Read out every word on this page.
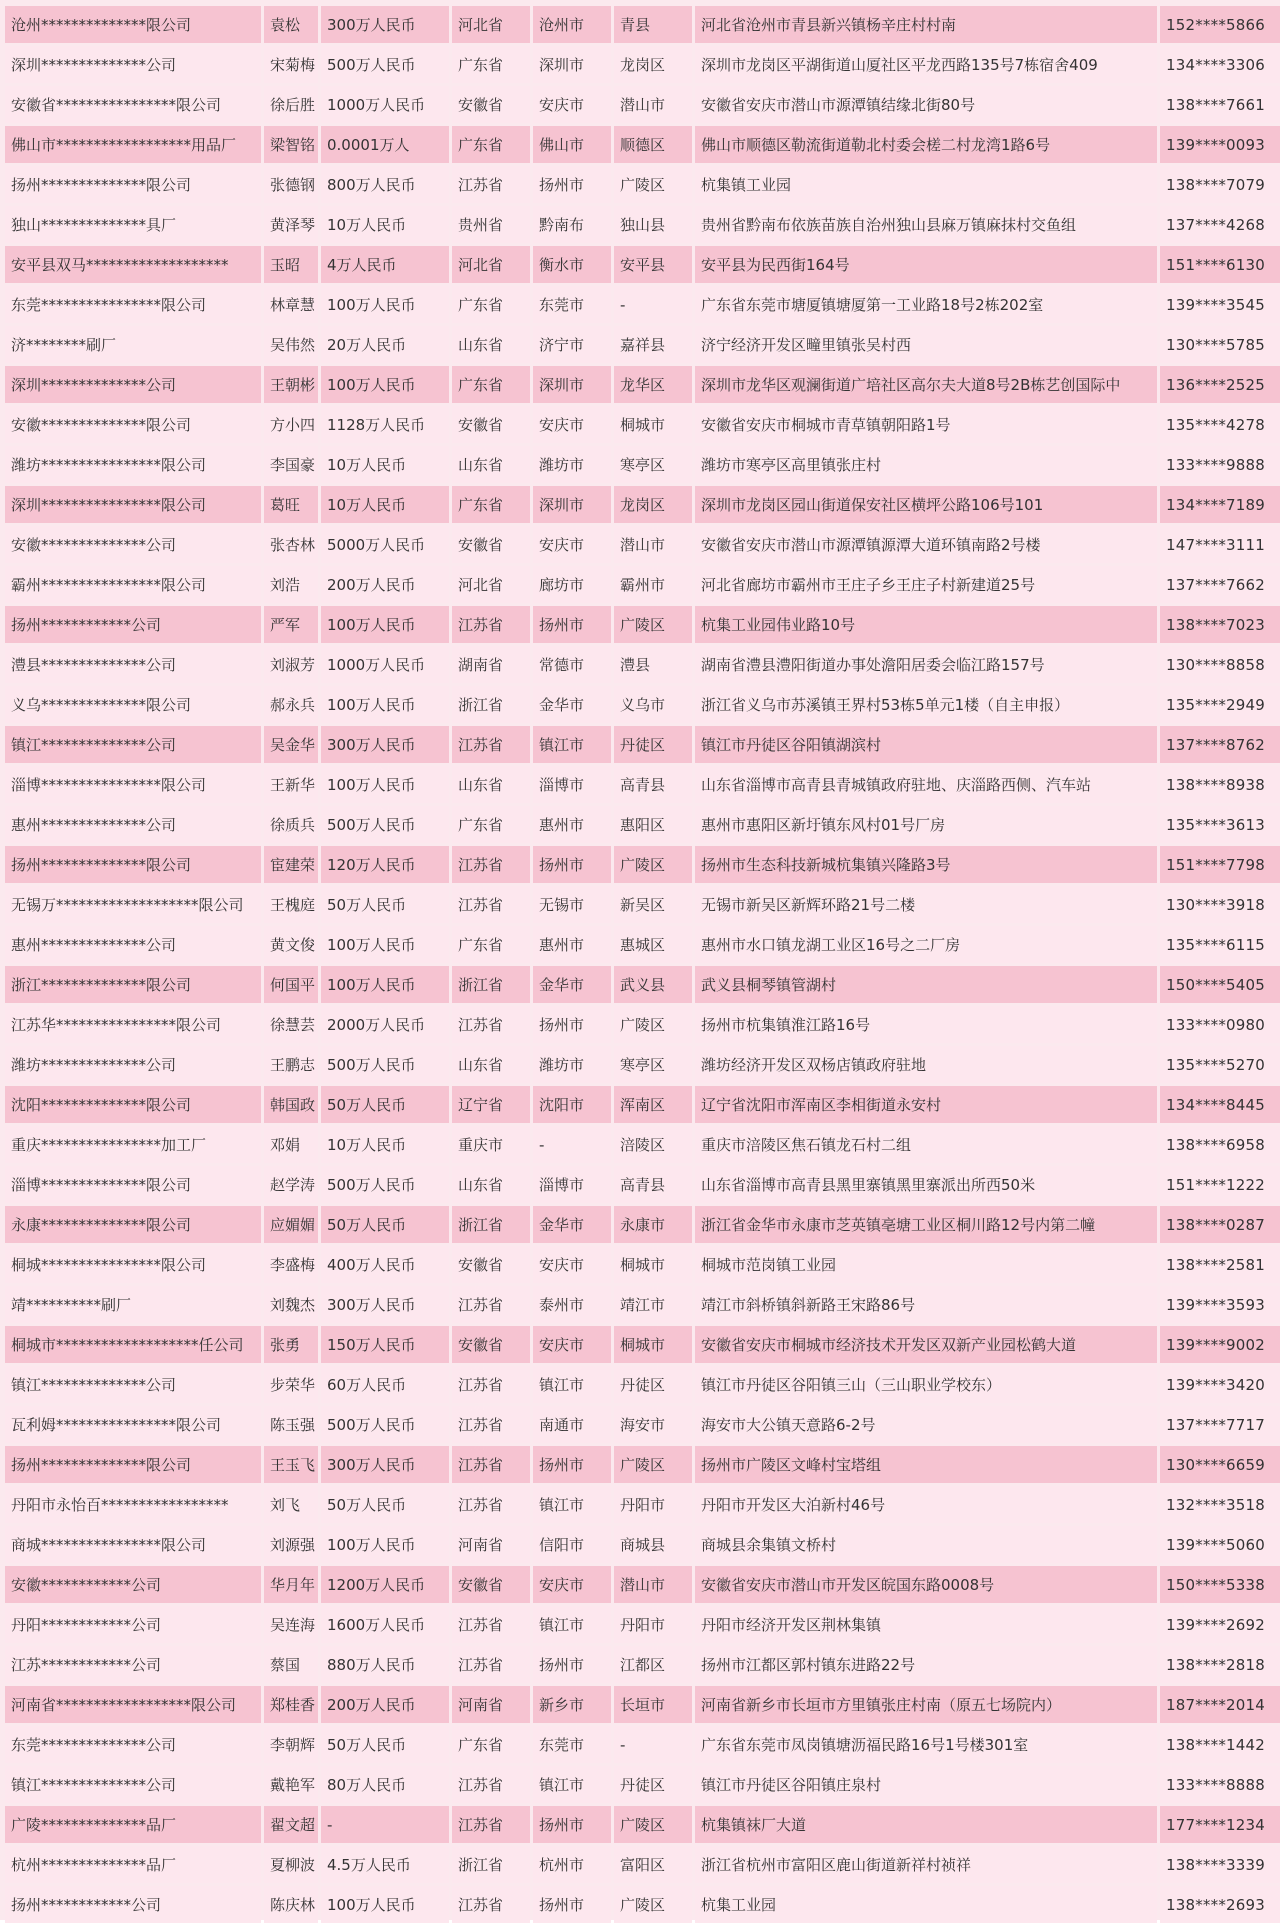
沧州**************限公司	袁松	300万人民币	河北省	沧州市	青县	河北省沧州市青县新兴镇杨辛庄村村南	152****5866
深圳**************公司	宋菊梅	500万人民币	广东省	深圳市	龙岗区	深圳市龙岗区平湖街道山厦社区平龙西路135号7栋宿舍409	134****3306
安徽省****************限公司	徐后胜	1000万人民币	安徽省	安庆市	潜山市	安徽省安庆市潜山市源潭镇结缘北街80号	138****7661
佛山市******************用品厂	梁智铭	0.0001万人	广东省	佛山市	顺德区	佛山市顺德区勒流街道勒北村委会槎二村龙湾1路6号	139****0093
扬州**************限公司	张德钢	800万人民币	江苏省	扬州市	广陵区	杭集镇工业园	138****7079
独山**************具厂	黄泽琴	10万人民币	贵州省	黔南布	独山县	贵州省黔南布依族苗族自治州独山县麻万镇麻抹村交鱼组	137****4268
安平县双马*******************	玉昭	4万人民币	河北省	衡水市	安平县	安平县为民西街164号	151****6130
东莞****************限公司	林章慧	100万人民币	广东省	东莞市	-	广东省东莞市塘厦镇塘厦第一工业路18号2栋202室	139****3545
济********刷厂	吴伟然	20万人民币	山东省	济宁市	嘉祥县	济宁经济开发区疃里镇张吴村西	130****5785
深圳**************公司	王朝彬	100万人民币	广东省	深圳市	龙华区	深圳市龙华区观澜街道广培社区高尔夫大道8号2B栋艺创国际中	136****2525
安徽**************限公司	方小四	1128万人民币	安徽省	安庆市	桐城市	安徽省安庆市桐城市青草镇朝阳路1号	135****4278
潍坊****************限公司	李国豪	10万人民币	山东省	潍坊市	寒亭区	潍坊市寒亭区高里镇张庄村	133****9888
深圳****************限公司	葛旺	10万人民币	广东省	深圳市	龙岗区	深圳市龙岗区园山街道保安社区横坪公路106号101	134****7189
安徽**************公司	张杏林	5000万人民币	安徽省	安庆市	潜山市	安徽省安庆市潜山市源潭镇源潭大道环镇南路2号楼	147****3111
霸州****************限公司	刘浩	200万人民币	河北省	廊坊市	霸州市	河北省廊坊市霸州市王庄子乡王庄子村新建道25号	137****7662
扬州************公司	严军	100万人民币	江苏省	扬州市	广陵区	杭集工业园伟业路10号	138****7023
澧县**************公司	刘淑芳	1000万人民币	湖南省	常德市	澧县	湖南省澧县澧阳街道办事处澹阳居委会临江路157号	130****8858
义乌**************限公司	郝永兵	100万人民币	浙江省	金华市	义乌市	浙江省义乌市苏溪镇王界村53栋5单元1楼（自主申报）	135****2949
镇江**************公司	吴金华	300万人民币	江苏省	镇江市	丹徒区	镇江市丹徒区谷阳镇湖滨村	137****8762
淄博****************限公司	王新华	100万人民币	山东省	淄博市	高青县	山东省淄博市高青县青城镇政府驻地、庆淄路西侧、汽车站	138****8938
惠州**************公司	徐质兵	500万人民币	广东省	惠州市	惠阳区	惠州市惠阳区新圩镇东风村01号厂房	135****3613
扬州**************限公司	宦建荣	120万人民币	江苏省	扬州市	广陵区	扬州市生态科技新城杭集镇兴隆路3号	151****7798
无锡万*******************限公司	王槐庭	50万人民币	江苏省	无锡市	新吴区	无锡市新吴区新辉环路21号二楼	130****3918
惠州**************公司	黄文俊	100万人民币	广东省	惠州市	惠城区	惠州市水口镇龙湖工业区16号之二厂房	135****6115
浙江**************限公司	何国平	100万人民币	浙江省	金华市	武义县	武义县桐琴镇管湖村	150****5405
江苏华****************限公司	徐慧芸	2000万人民币	江苏省	扬州市	广陵区	扬州市杭集镇淮江路16号	133****0980
潍坊**************公司	王鹏志	500万人民币	山东省	潍坊市	寒亭区	潍坊经济开发区双杨店镇政府驻地	135****5270
沈阳**************限公司	韩国政	50万人民币	辽宁省	沈阳市	浑南区	辽宁省沈阳市浑南区李相街道永安村	134****8445
重庆****************加工厂	邓娟	10万人民币	重庆市	-	涪陵区	重庆市涪陵区焦石镇龙石村二组	138****6958
淄博**************限公司	赵学涛	500万人民币	山东省	淄博市	高青县	山东省淄博市高青县黑里寨镇黑里寨派出所西50米	151****1222
永康**************限公司	应媚媚	50万人民币	浙江省	金华市	永康市	浙江省金华市永康市芝英镇亳塘工业区桐川路12号内第二幢	138****0287
桐城****************限公司	李盛梅	400万人民币	安徽省	安庆市	桐城市	桐城市范岗镇工业园	138****2581
靖**********刷厂	刘魏杰	300万人民币	江苏省	泰州市	靖江市	靖江市斜桥镇斜新路王宋路86号	139****3593
桐城市*******************任公司	张勇	150万人民币	安徽省	安庆市	桐城市	安徽省安庆市桐城市经济技术开发区双新产业园松鹤大道	139****9002
镇江**************公司	步荣华	60万人民币	江苏省	镇江市	丹徒区	镇江市丹徒区谷阳镇三山（三山职业学校东）	139****3420
瓦利姆****************限公司	陈玉强	500万人民币	江苏省	南通市	海安市	海安市大公镇天意路6-2号	137****7717
扬州**************限公司	王玉飞	300万人民币	江苏省	扬州市	广陵区	扬州市广陵区文峰村宝塔组	130****6659
丹阳市永怡百*****************	刘飞	50万人民币	江苏省	镇江市	丹阳市	丹阳市开发区大泊新村46号	132****3518
商城****************限公司	刘源强	100万人民币	河南省	信阳市	商城县	商城县余集镇文桥村	139****5060
安徽************公司	华月年	1200万人民币	安徽省	安庆市	潜山市	安徽省安庆市潜山市开发区皖国东路0008号	150****5338
丹阳************公司	吴连海	1600万人民币	江苏省	镇江市	丹阳市	丹阳市经济开发区荆林集镇	139****2692
江苏************公司	蔡国	880万人民币	江苏省	扬州市	江都区	扬州市江都区郭村镇东进路22号	138****2818
河南省******************限公司	郑桂香	200万人民币	河南省	新乡市	长垣市	河南省新乡市长垣市方里镇张庄村南（原五七场院内）	187****2014
东莞**************公司	李朝辉	50万人民币	广东省	东莞市	-	广东省东莞市凤岗镇塘沥福民路16号1号楼301室	138****1442
镇江**************公司	戴艳军	80万人民币	江苏省	镇江市	丹徒区	镇江市丹徒区谷阳镇庄泉村	133****8888
广陵**************品厂	翟文超	-	江苏省	扬州市	广陵区	杭集镇袜厂大道	177****1234
杭州**************品厂	夏柳波	4.5万人民币	浙江省	杭州市	富阳区	浙江省杭州市富阳区鹿山街道新祥村祯祥	138****3339
扬州************公司	陈庆林	100万人民币	江苏省	扬州市	广陵区	杭集工业园	138****2693
